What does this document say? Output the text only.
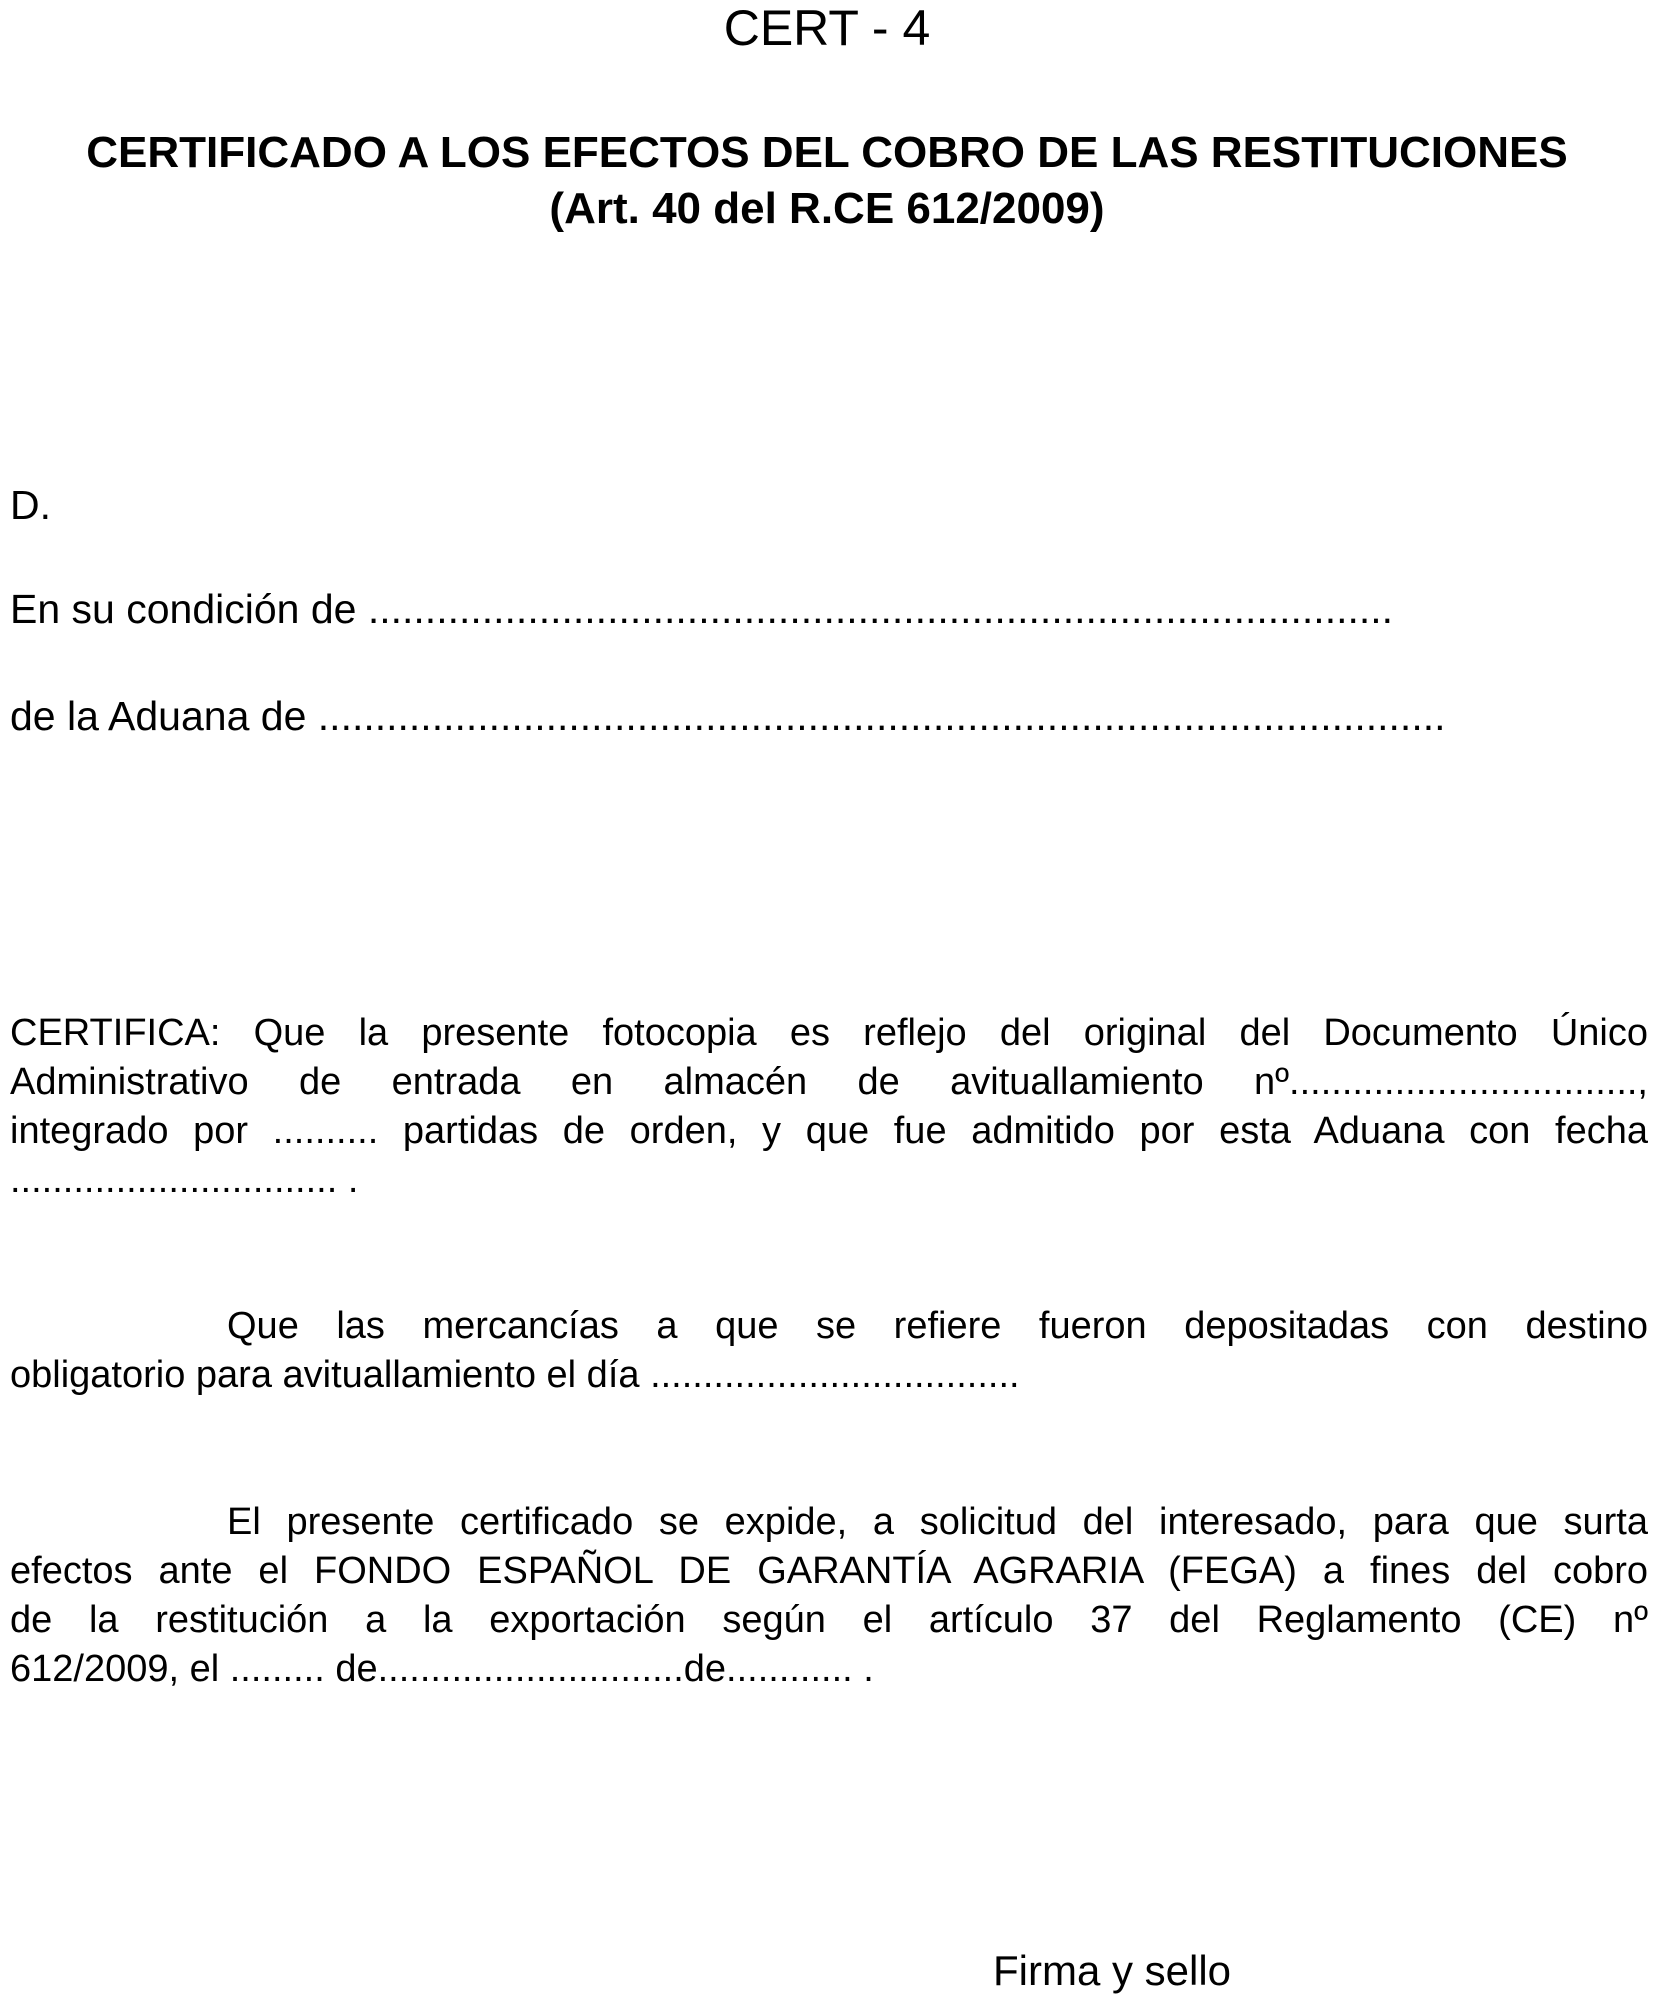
CERT - 4
CERTIFICADO A LOS EFECTOS DEL COBRO DE LAS RESTITUCIONES
(Art. 40 del R.CE 612/2009)
D.
En su condición de ..........................................................................................
de la Aduana de ...................................................................................................
CERTIFICA: Que la presente fotocopia es reflejo del original del Documento Único
Administrativo de entrada en almacén de avituallamiento nº.................................,
integrado por .......... partidas de orden, y que fue admitido por esta Aduana con fecha
............................... .
Que las mercancías a que se refiere fueron depositadas con destino
obligatorio para avituallamiento el día ...................................
El presente certificado se expide, a solicitud del interesado, para que surta
efectos ante el FONDO ESPAÑOL DE GARANTÍA AGRARIA (FEGA) a fines del cobro
de la restitución a la exportación según el artículo 37 del Reglamento (CE) nº
612/2009, el ......... de.............................de............ .
Firma y sello
